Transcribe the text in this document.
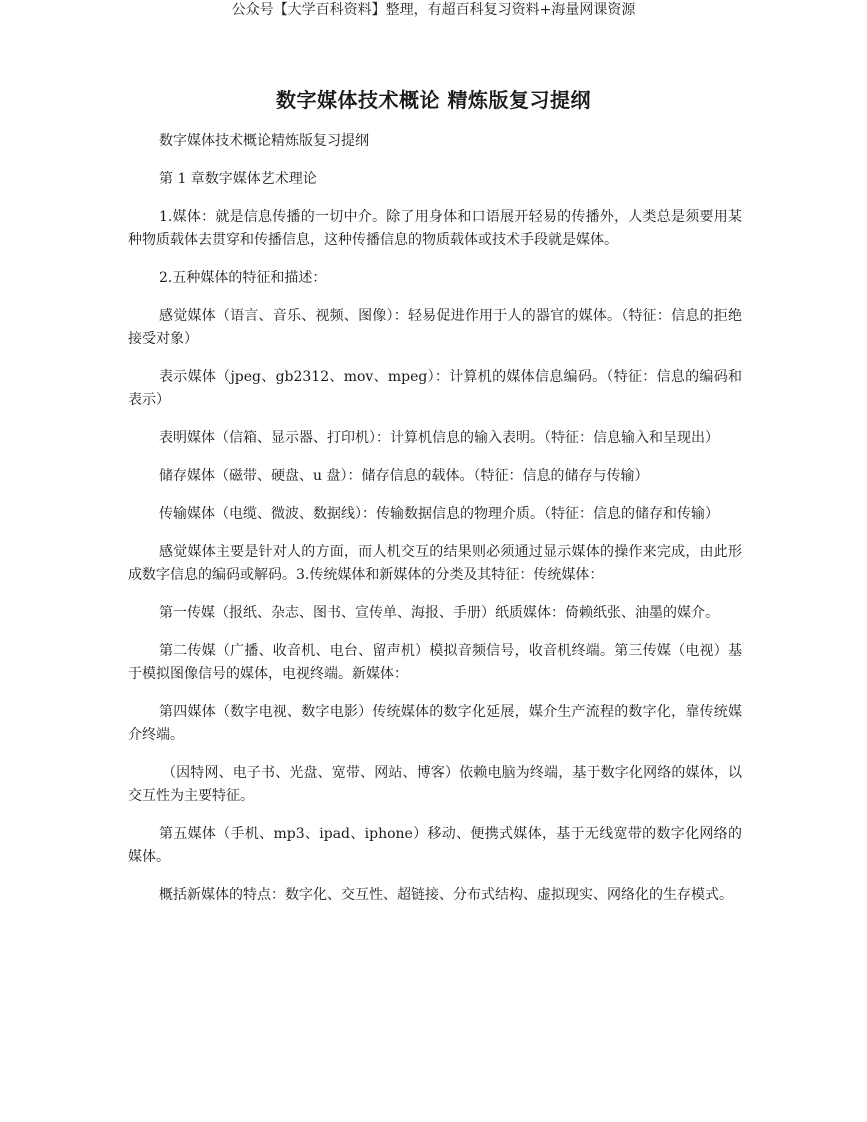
公众号【大学百科资料】整理，有超百科复习资料+海量网课资源
数字媒体技术概论 精炼版复习提纲

数字媒体技术概论精炼版复习提纲

第 1 章数字媒体艺术理论

1.媒体：就是信息传播的一切中介。除了用身体和口语展开轻易的传播外，人类总是须要用某种物质载体去贯穿和传播信息，这种传播信息的物质载体或技术手段就是媒体。

2.五种媒体的特征和描述：

感觉媒体（语言、音乐、视频、图像）：轻易促进作用于人的器官的媒体。（特征：信息的拒绝接受对象）

表示媒体（jpeg、gb2312、mov、mpeg）：计算机的媒体信息编码。（特征：信息的编码和表示）

表明媒体（信箱、显示器、打印机）：计算机信息的输入表明。（特征：信息输入和呈现出）

储存媒体（磁带、硬盘、u 盘）：储存信息的载体。（特征：信息的储存与传输）

传输媒体（电缆、微波、数据线）：传输数据信息的物理介质。（特征：信息的储存和传输）

感觉媒体主要是针对人的方面，而人机交互的结果则必须通过显示媒体的操作来完成，由此形成数字信息的编码或解码。3.传统媒体和新媒体的分类及其特征：传统媒体：

第一传媒（报纸、杂志、图书、宣传单、海报、手册）纸质媒体：倚赖纸张、油墨的媒介。

第二传媒（广播、收音机、电台、留声机）模拟音频信号，收音机终端。第三传媒（电视）基于模拟图像信号的媒体，电视终端。新媒体：

第四媒体（数字电视、数字电影）传统媒体的数字化延展，媒介生产流程的数字化，靠传统媒介终端。

（因特网、电子书、光盘、宽带、网站、博客）依赖电脑为终端，基于数字化网络的媒体，以交互性为主要特征。

第五媒体（手机、mp3、ipad、iphone）移动、便携式媒体，基于无线宽带的数字化网络的媒体。

概括新媒体的特点：数字化、交互性、超链接、分布式结构、虚拟现实、网络化的生存模式。
